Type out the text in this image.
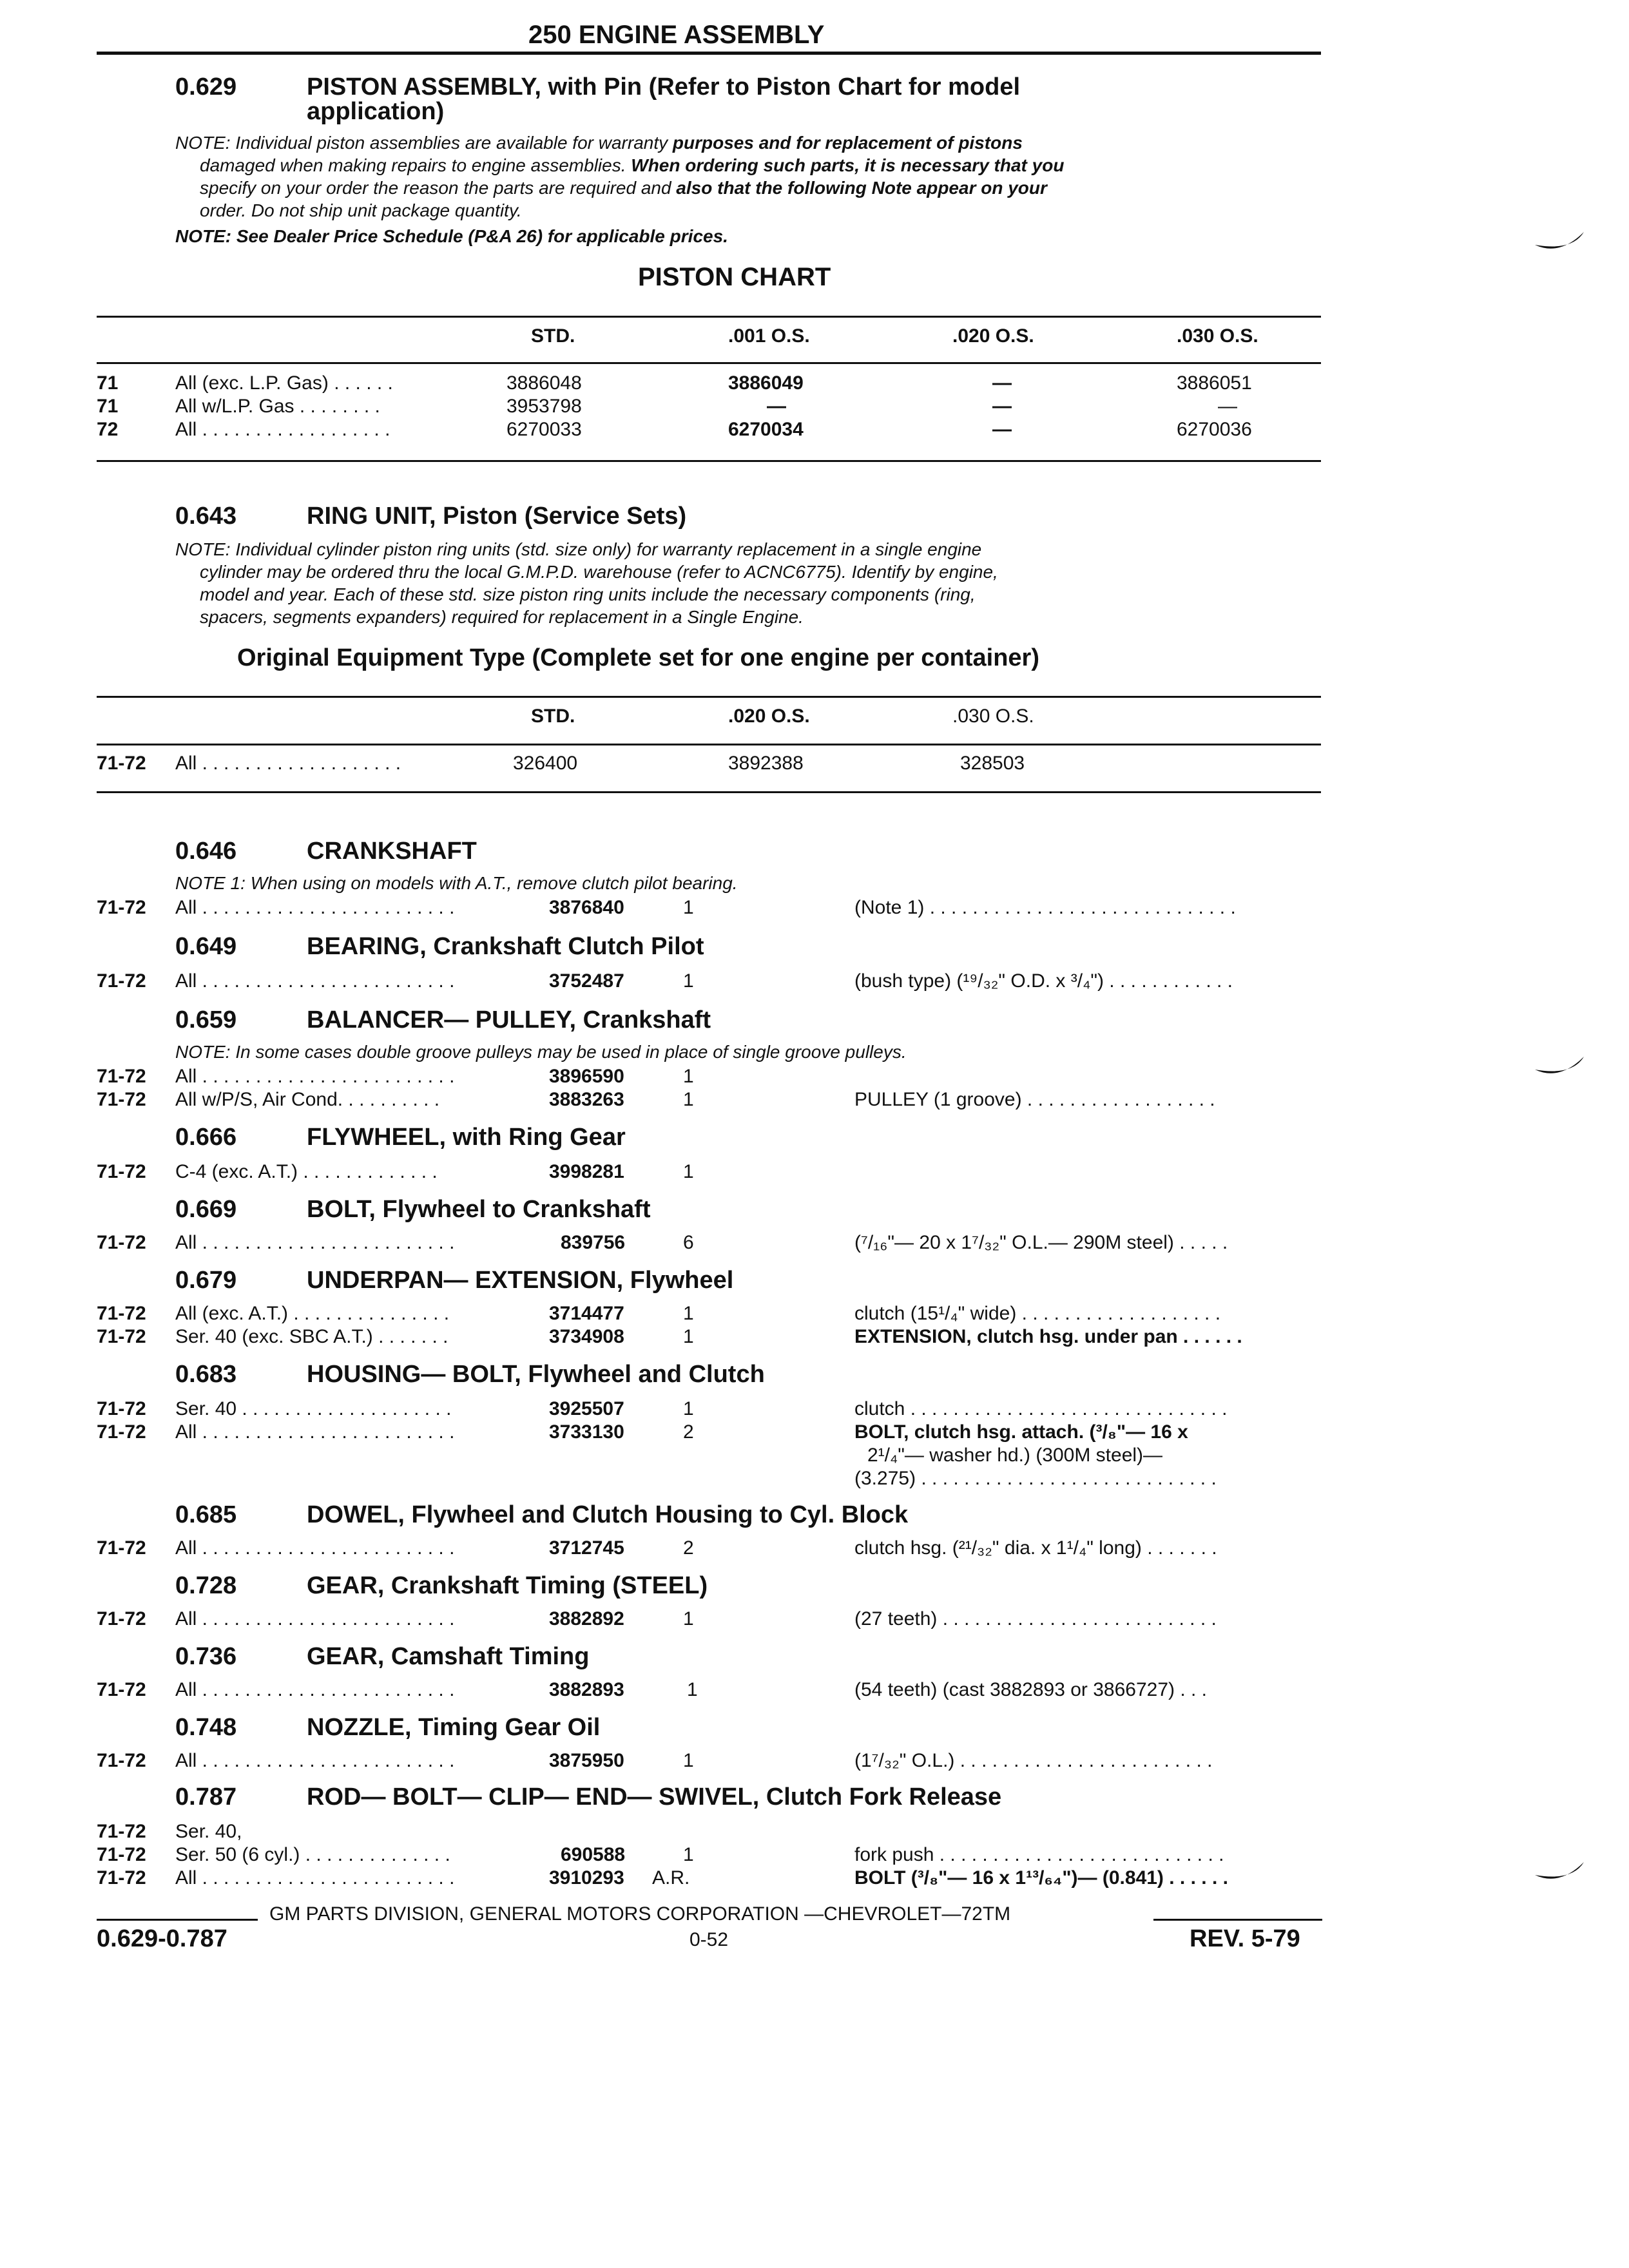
250 ENGINE ASSEMBLY
0.629	PISTON ASSEMBLY, with Pin (Refer to Piston Chart for model
application)
NOTE: Individual piston assemblies are available for warranty purposes and for replacement of pistons
damaged when making repairs to engine assemblies. When ordering such parts, it is necessary that you
specify on your order the reason the parts are required and also that the following Note appear on your
order. Do not ship unit package quantity.
NOTE: See Dealer Price Schedule (P&A 26) for applicable prices.
PISTON CHART
STD.	.001 O.S.	.020 O.S.	.030 O.S.
71	All (exc. L.P. Gas) . . . . . .	3886048	3886049	—	3886051
71	All w/L.P. Gas . . . . . . . .	3953798	—	—	—
72	All . . . . . . . . . . . . . . . . . .	6270033	6270034	—	6270036
0.643	RING UNIT, Piston (Service Sets)
NOTE: Individual cylinder piston ring units (std. size only) for warranty replacement in a single engine
cylinder may be ordered thru the local G.M.P.D. warehouse (refer to ACNC6775). Identify by engine,
model and year. Each of these std. size piston ring units include the necessary components (ring,
spacers, segments expanders) required for replacement in a Single Engine.
Original Equipment Type (Complete set for one engine per container)
STD.	.020 O.S.	.030 O.S.
71-72 All . . . . . . . . . . . . . . . . . . .	326400	3892388	328503
0.646	CRANKSHAFT
NOTE 1: When using on models with A.T., remove clutch pilot bearing.
71-72 All . . . . . . . . . . . . . . . . . . . . . . . .	3876840	1	(Note 1) . . . . . . . . . . . . . . . . . . . . . . . . . . . . .
0.649	BEARING, Crankshaft Clutch Pilot
71-72 All . . . . . . . . . . . . . . . . . . . . . . . .	3752487	1	(bush type) (¹⁹/₃₂" O.D. x ³/₄") . . . . . . . . . . . .
0.659	BALANCER— PULLEY, Crankshaft
NOTE: In some cases double groove pulleys may be used in place of single groove pulleys.
71-72 All . . . . . . . . . . . . . . . . . . . . . . . .	3896590	1
71-72 All w/P/S, Air Cond. . . . . . . . . .	3883263	1	PULLEY (1 groove) . . . . . . . . . . . . . . . . . .
0.666	FLYWHEEL, with Ring Gear
71-72 C-4 (exc. A.T.) . . . . . . . . . . . . .	3998281	1
0.669	BOLT, Flywheel to Crankshaft
71-72 All . . . . . . . . . . . . . . . . . . . . . . . .	839756	6	(⁷/₁₆"— 20 x 1⁷/₃₂" O.L.— 290M steel) . . . . .
0.679	UNDERPAN— EXTENSION, Flywheel
71-72 All (exc. A.T.) . . . . . . . . . . . . . . .	3714477	1	clutch (15¹/₄" wide) . . . . . . . . . . . . . . . . . . .
71-72 Ser. 40 (exc. SBC A.T.) . . . . . . .	3734908	1	EXTENSION, clutch hsg. under pan . . . . . .
0.683	HOUSING— BOLT, Flywheel and Clutch
71-72 Ser. 40 . . . . . . . . . . . . . . . . . . . .	3925507	1	clutch . . . . . . . . . . . . . . . . . . . . . . . . . . . . . .
71-72 All . . . . . . . . . . . . . . . . . . . . . . . .	3733130	2	BOLT, clutch hsg. attach. (³/₈"— 16 x
2¹/₄"— washer hd.) (300M steel)—
(3.275) . . . . . . . . . . . . . . . . . . . . . . . . . . . .
0.685	DOWEL, Flywheel and Clutch Housing to Cyl. Block
71-72 All . . . . . . . . . . . . . . . . . . . . . . . .	3712745	2	clutch hsg. (²¹/₃₂" dia. x 1¹/₄" long) . . . . . . .
0.728	GEAR, Crankshaft Timing (STEEL)
71-72 All . . . . . . . . . . . . . . . . . . . . . . . .	3882892	1	(27 teeth) . . . . . . . . . . . . . . . . . . . . . . . . . .
0.736	GEAR, Camshaft Timing
71-72 All . . . . . . . . . . . . . . . . . . . . . . . .	3882893	1	(54 teeth) (cast 3882893 or 3866727) . . .
0.748	NOZZLE, Timing Gear Oil
71-72 All . . . . . . . . . . . . . . . . . . . . . . . .	3875950	1	(1⁷/₃₂" O.L.) . . . . . . . . . . . . . . . . . . . . . . . .
0.787	ROD— BOLT— CLIP— END— SWIVEL, Clutch Fork Release
71-72 Ser. 40,
71-72 Ser. 50 (6 cyl.) . . . . . . . . . . . . . .	690588	1	fork push . . . . . . . . . . . . . . . . . . . . . . . . . . .
71-72 All . . . . . . . . . . . . . . . . . . . . . . . .	3910293 A.R.	BOLT (³/₈"— 16 x 1¹³/₆₄")— (0.841) . . . . . .
GM PARTS DIVISION, GENERAL MOTORS CORPORATION —CHEVROLET—72TM
0.629-0.787	0-52	REV. 5-79
